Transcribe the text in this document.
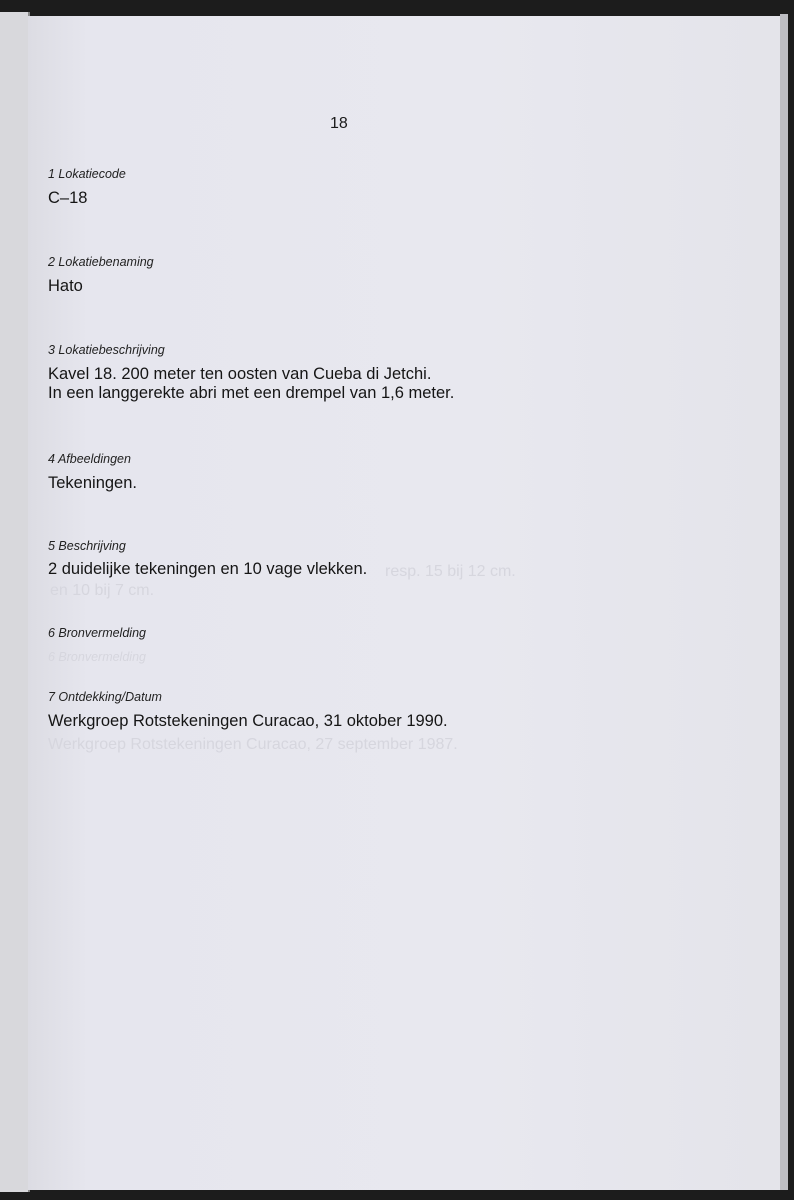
resp. 15 bij 12 cm.
en 10 bij 7 cm.
6 Bronvermelding
Werkgroep Rotstekeningen Curacao, 27 september 1987.
18
1 Lokatiecode
C–18
2 Lokatiebenaming
Hato
3 Lokatiebeschrijving
Kavel 18. 200 meter ten oosten van Cueba di Jetchi.
In een langgerekte abri met een drempel van 1,6 meter.
4 Afbeeldingen
Tekeningen.
5 Beschrijving
2 duidelijke tekeningen en 10 vage vlekken.
6 Bronvermelding
7 Ontdekking/Datum
Werkgroep Rotstekeningen Curacao, 31 oktober 1990.
